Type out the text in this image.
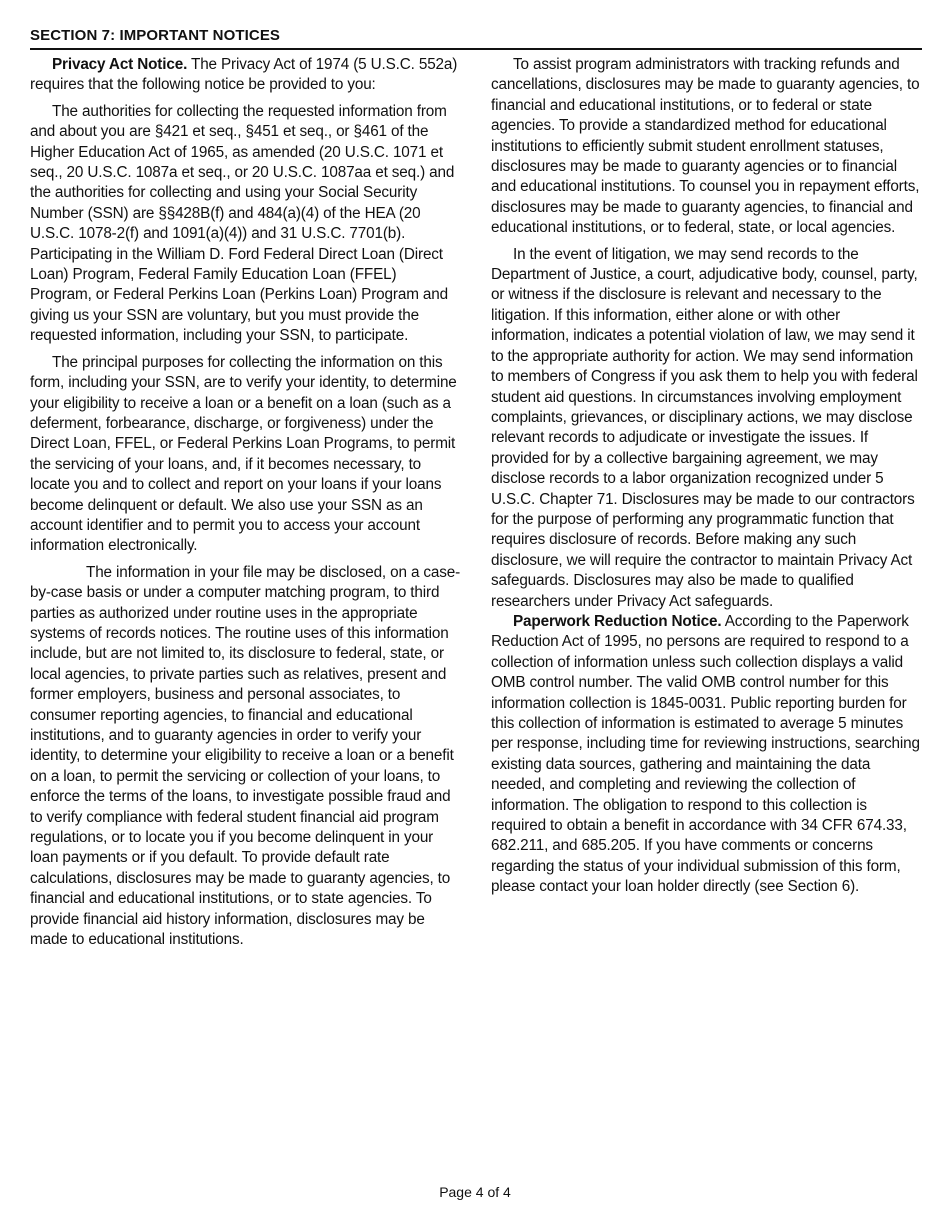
SECTION 7: IMPORTANT NOTICES

Privacy Act Notice. The Privacy Act of 1974 (5 U.S.C. 552a) requires that the following notice be provided to you:

The authorities for collecting the requested information from and about you are §421 et seq., §451 et seq., or §461 of the Higher Education Act of 1965, as amended (20 U.S.C. 1071 et seq., 20 U.S.C. 1087a et seq., or 20 U.S.C. 1087aa et seq.) and the authorities for collecting and using your Social Security Number (SSN) are §§428B(f) and 484(a)(4) of the HEA (20 U.S.C. 1078-2(f) and 1091(a)(4)) and 31 U.S.C. 7701(b). Participating in the William D. Ford Federal Direct Loan (Direct Loan) Program, Federal Family Education Loan (FFEL) Program, or Federal Perkins Loan (Perkins Loan) Program and giving us your SSN are voluntary, but you must provide the requested information, including your SSN, to participate.

The principal purposes for collecting the information on this form, including your SSN, are to verify your identity, to determine your eligibility to receive a loan or a benefit on a loan (such as a deferment, forbearance, discharge, or forgiveness) under the Direct Loan, FFEL, or Federal Perkins Loan Programs, to permit the servicing of your loans, and, if it becomes necessary, to locate you and to collect and report on your loans if your loans become delinquent or default. We also use your SSN as an account identifier and to permit you to access your account information electronically.

The information in your file may be disclosed, on a case-by-case basis or under a computer matching program, to third parties as authorized under routine uses in the appropriate systems of records notices. The routine uses of this information include, but are not limited to, its disclosure to federal, state, or local agencies, to private parties such as relatives, present and former employers, business and personal associates, to consumer reporting agencies, to financial and educational institutions, and to guaranty agencies in order to verify your identity, to determine your eligibility to receive a loan or a benefit on a loan, to permit the servicing or collection of your loans, to enforce the terms of the loans, to investigate possible fraud and to verify compliance with federal student financial aid program regulations, or to locate you if you become delinquent in your loan payments or if you default. To provide default rate calculations, disclosures may be made to guaranty agencies, to financial and educational institutions, or to state agencies. To provide financial aid history information, disclosures may be made to educational institutions.

To assist program administrators with tracking refunds and cancellations, disclosures may be made to guaranty agencies, to financial and educational institutions, or to federal or state agencies. To provide a standardized method for educational institutions to efficiently submit student enrollment statuses, disclosures may be made to guaranty agencies or to financial and educational institutions. To counsel you in repayment efforts, disclosures may be made to guaranty agencies, to financial and educational institutions, or to federal, state, or local agencies.

In the event of litigation, we may send records to the Department of Justice, a court, adjudicative body, counsel, party, or witness if the disclosure is relevant and necessary to the litigation. If this information, either alone or with other information, indicates a potential violation of law, we may send it to the appropriate authority for action. We may send information to members of Congress if you ask them to help you with federal student aid questions. In circumstances involving employment complaints, grievances, or disciplinary actions, we may disclose relevant records to adjudicate or investigate the issues. If provided for by a collective bargaining agreement, we may disclose records to a labor organization recognized under 5 U.S.C. Chapter 71. Disclosures may be made to our contractors for the purpose of performing any programmatic function that requires disclosure of records. Before making any such disclosure, we will require the contractor to maintain Privacy Act safeguards. Disclosures may also be made to qualified researchers under Privacy Act safeguards.

Paperwork Reduction Notice. According to the Paperwork Reduction Act of 1995, no persons are required to respond to a collection of information unless such collection displays a valid OMB control number. The valid OMB control number for this information collection is 1845-0031. Public reporting burden for this collection of information is estimated to average 5 minutes per response, including time for reviewing instructions, searching existing data sources, gathering and maintaining the data needed, and completing and reviewing the collection of information. The obligation to respond to this collection is required to obtain a benefit in accordance with 34 CFR 674.33, 682.211, and 685.205. If you have comments or concerns regarding the status of your individual submission of this form, please contact your loan holder directly (see Section 6).

Page 4 of 4
